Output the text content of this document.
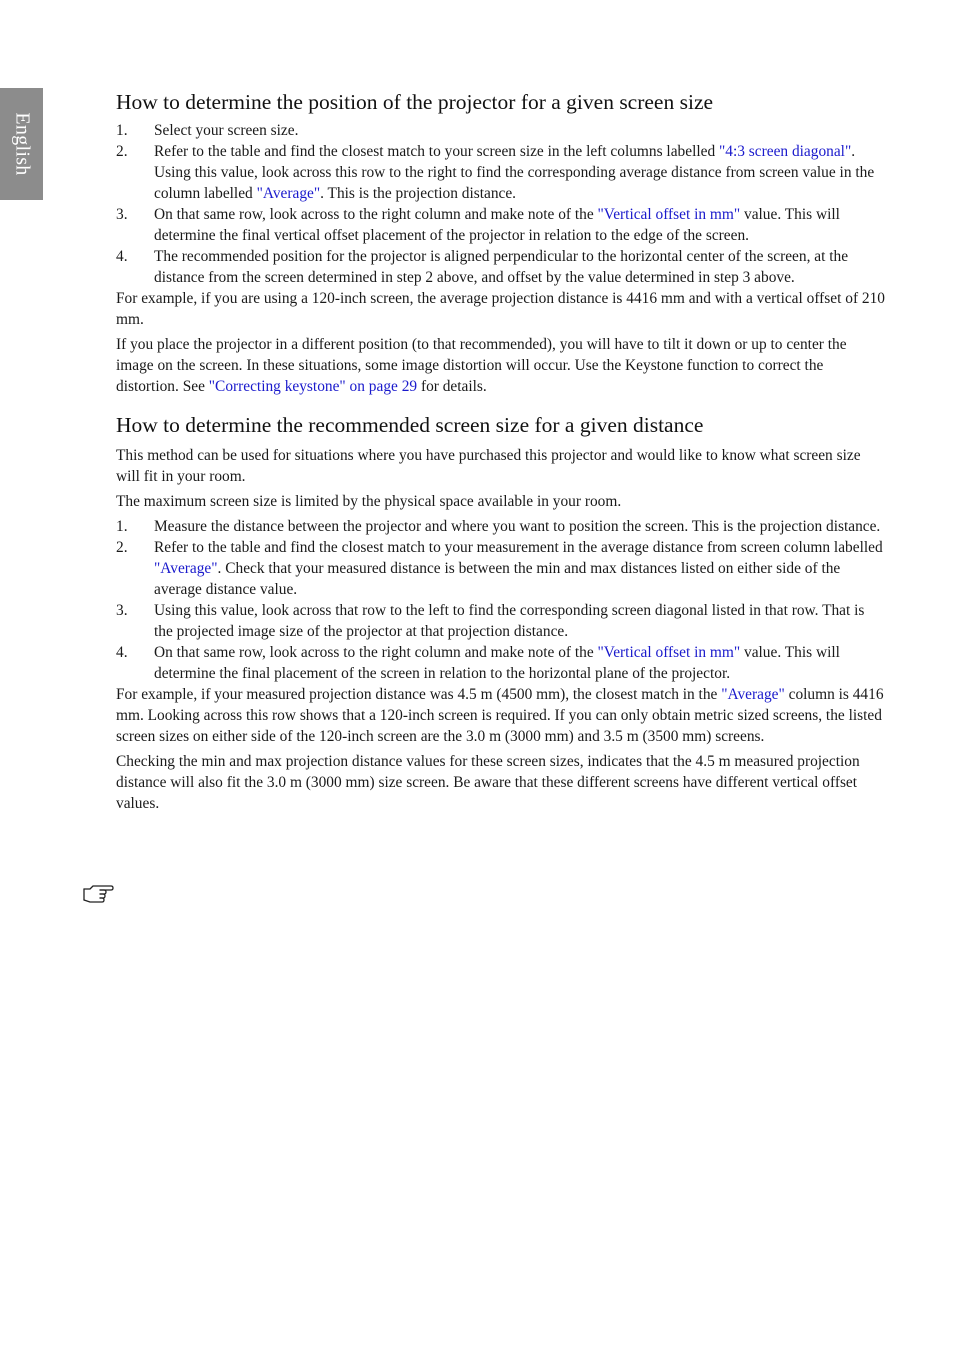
English
How to determine the position of the projector for a given screen size
1. Select your screen size.
2. Refer to the table and find the closest match to your screen size in the left columns labelled "4:3 screen diagonal". Using this value, look across this row to the right to find the corresponding average distance from screen value in the column labelled "Average". This is the projection distance.
3. On that same row, look across to the right column and make note of the "Vertical offset in mm" value. This will determine the final vertical offset placement of the projector in relation to the edge of the screen.
4. The recommended position for the projector is aligned perpendicular to the horizontal center of the screen, at the distance from the screen determined in step 2 above, and offset by the value determined in step 3 above.

For example, if you are using a 120-inch screen, the average projection distance is 4416 mm and with a vertical offset of 210 mm.

If you place the projector in a different position (to that recommended), you will have to tilt it down or up to center the image on the screen. In these situations, some image distortion will occur. Use the Keystone function to correct the distortion. See "Correcting keystone" on page 29 for details.

How to determine the recommended screen size for a given distance

This method can be used for situations where you have purchased this projector and would like to know what screen size will fit in your room.

The maximum screen size is limited by the physical space available in your room.

1. Measure the distance between the projector and where you want to position the screen. This is the projection distance.
2. Refer to the table and find the closest match to your measurement in the average distance from screen column labelled "Average". Check that your measured distance is between the min and max distances listed on either side of the average distance value.
3. Using this value, look across that row to the left to find the corresponding screen diagonal listed in that row. That is the projected image size of the projector at that projection distance.
4. On that same row, look across to the right column and make note of the "Vertical offset in mm" value. This will determine the final placement of the screen in relation to the horizontal plane of the projector.

For example, if your measured projection distance was 4.5 m (4500 mm), the closest match in the "Average" column is 4416 mm. Looking across this row shows that a 120-inch screen is required. If you can only obtain metric sized screens, the listed screen sizes on either side of the 120-inch screen are the 3.0 m (3000 mm) and 3.5 m (3500 mm) screens.

Checking the min and max projection distance values for these screen sizes, indicates that the 4.5 m measured projection distance will also fit the 3.0 m (3000 mm) size screen. Be aware that these different screens have different vertical offset values.
